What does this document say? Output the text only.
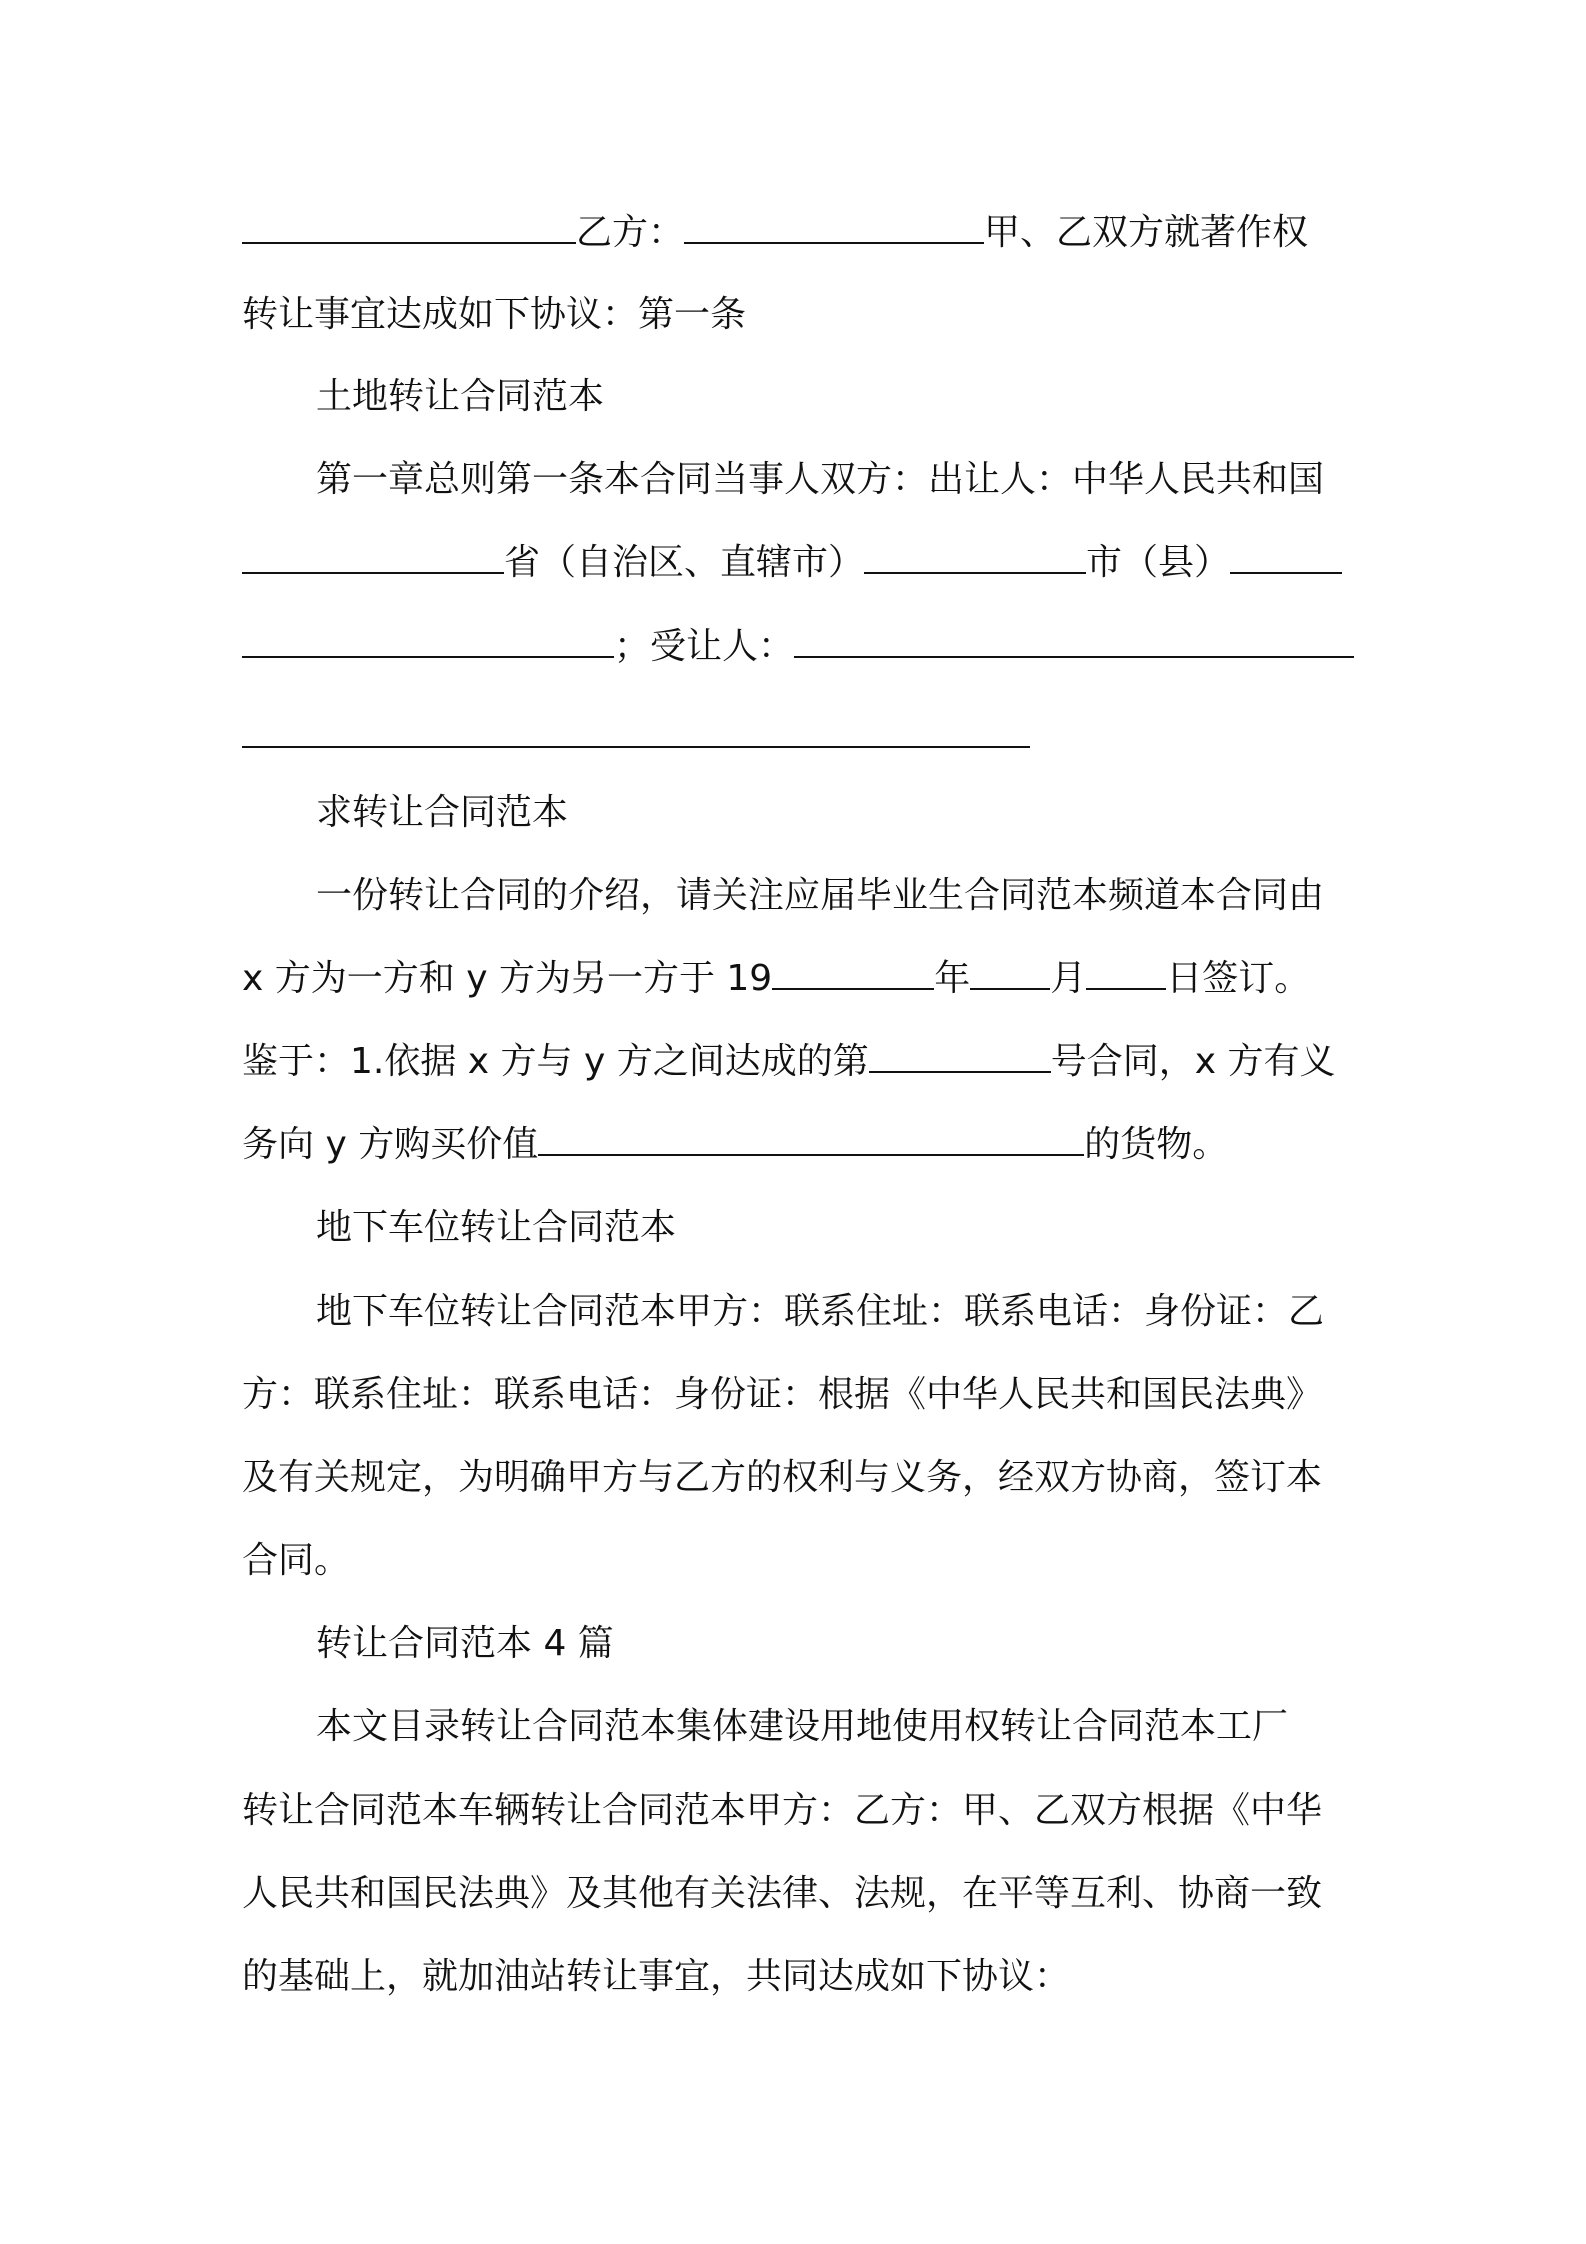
乙方：	甲、乙双方就著作权
转让事宜达成如下协议：第一条
土地转让合同范本
第一章总则第一条本合同当事人双方：出让人：中华人民共和国
省（自治区、直辖市）	市（县）
；受让人：
求转让合同范本
一份转让合同的介绍，请关注应届毕业生合同范本频道本合同由
x 方为一方和 y 方为另一方于 19	年 月 日签订。
鉴于：1.依据 x 方与 y 方之间达成的第	号合同，x 方有义
务向 y 方购买价值	的货物。
地下车位转让合同范本
地下车位转让合同范本甲方：联系住址：联系电话：身份证：乙
方：联系住址：联系电话：身份证：根据《中华人民共和国民法典》
及有关规定，为明确甲方与乙方的权利与义务，经双方协商，签订本
合同。
转让合同范本 4 篇
本文目录转让合同范本集体建设用地使用权转让合同范本工厂
转让合同范本车辆转让合同范本甲方：乙方：甲、乙双方根据《中华
人民共和国民法典》及其他有关法律、法规，在平等互利、协商一致
的基础上，就加油站转让事宜，共同达成如下协议：
